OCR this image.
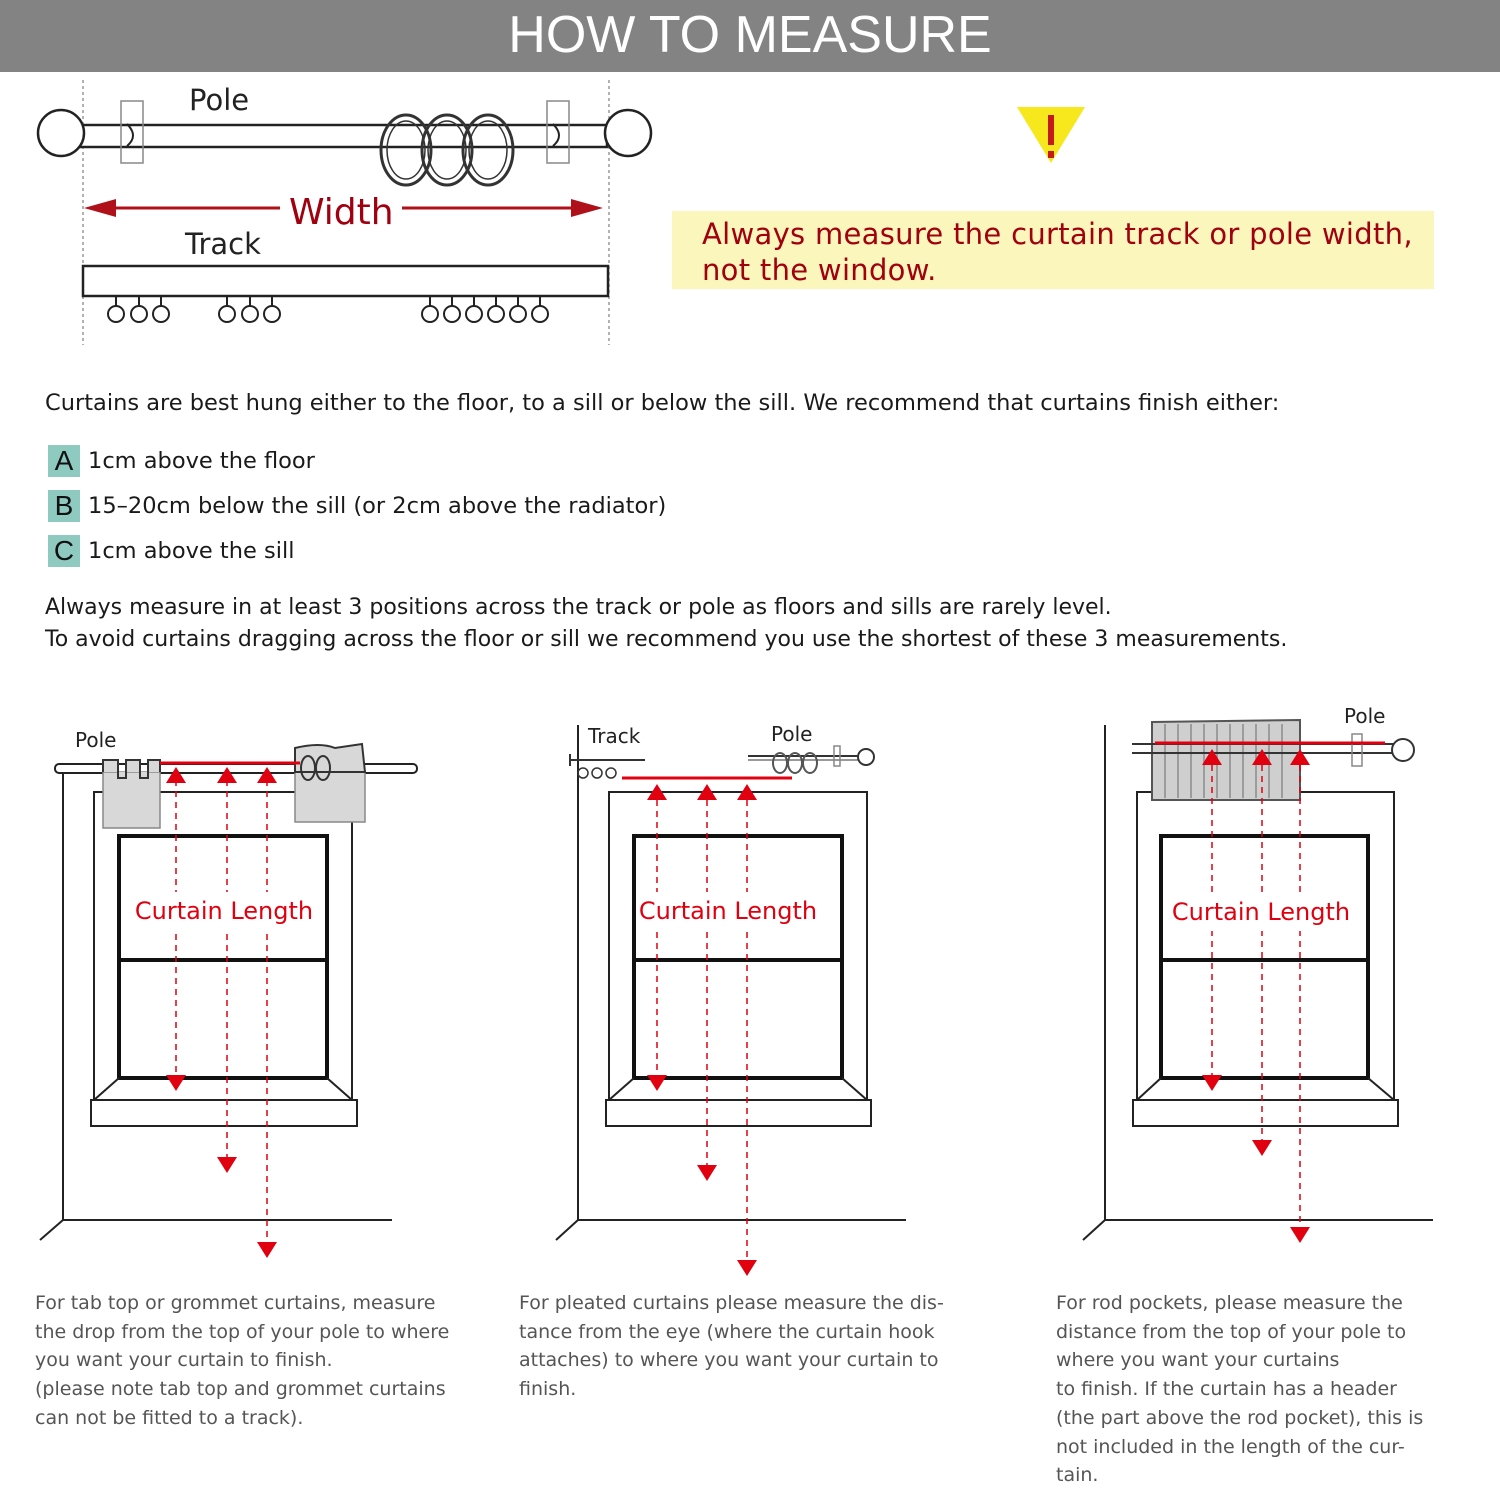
HOW TO MEASURE
Pole
Width
Track	Always measure the curtain track or pole width,
not the window.
Curtains are best hung either to the floor, to a sill or below the sill. We recommend that curtains finish either:
A 1cm above the floor
B 15–20cm below the sill (or 2cm above the radiator)
C 1cm above the sill
Always measure in at least 3 positions across the track or pole as floors and sills are rarely level.
To avoid curtains dragging across the floor or sill we recommend you use the shortest of these 3 measurements.
Curtain Length
Pole
Curtain Length
Track	Pole
Curtain Length
Pole
For tab top or grommet curtains, measure
the drop from the top of your pole to where
you want your curtain to finish.
(please note tab top and grommet curtains
can not be fitted to a track).
For pleated curtains please measure the dis-
tance from the eye (where the curtain hook
attaches) to where you want your curtain to
finish.
For rod pockets, please measure the
distance from the top of your pole to
where you want your curtains
to finish. If the curtain has a header
(the part above the rod pocket), this is
not included in the length of the cur-
tain.
